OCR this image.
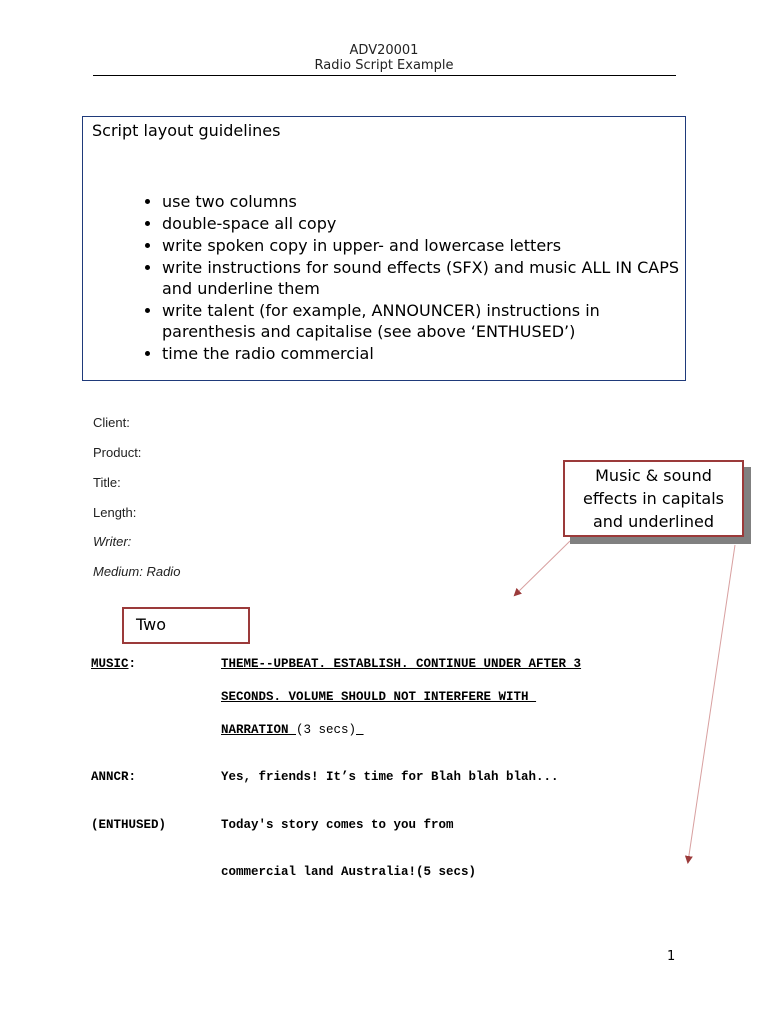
ADV20001
Radio Script Example
Script layout guidelines
• use two columns
• double-space all copy
• write spoken copy in upper- and lowercase letters
• write instructions for sound effects (SFX) and music ALL IN CAPS and underline them
• write talent (for example, ANNOUNCER) instructions in parenthesis and capitalise (see above ‘ENTHUSED’)
• time the radio commercial
Client:
Product:
Title:
Length:
Writer:
Medium: Radio
Music & sound
effects in capitals
and underlined
Two
MUSIC:	THEME--UPBEAT. ESTABLISH. CONTINUE UNDER AFTER 3
SECONDS. VOLUME SHOULD NOT INTERFERE WITH
NARRATION (3 secs)
ANNCR:	Yes, friends! It’s time for Blah blah blah...
(ENTHUSED)	Today's story comes to you from
commercial land Australia!(5 secs)
1
